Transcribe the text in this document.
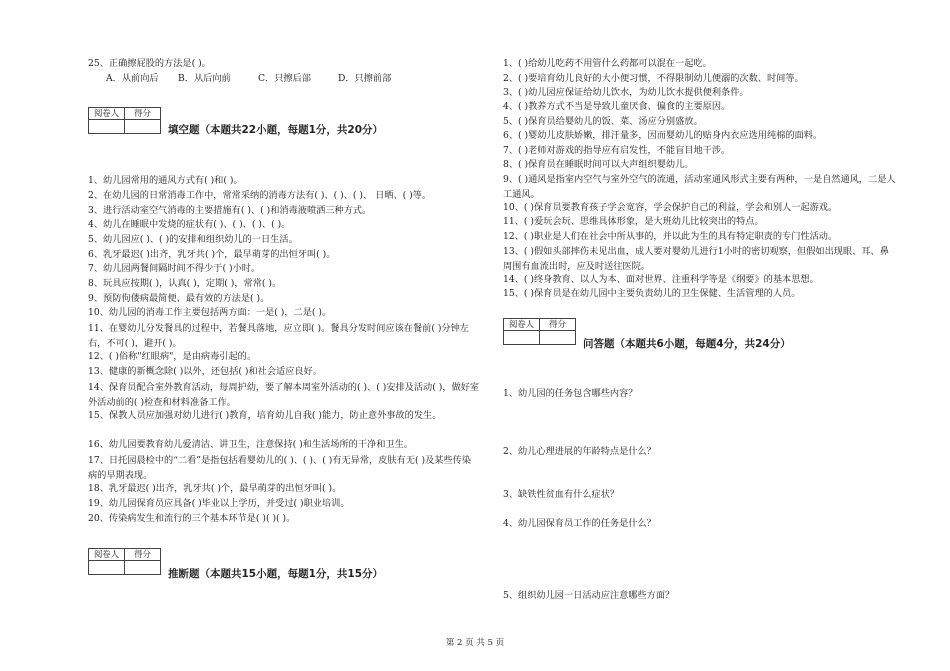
25、正确擦屁股的方法是( )。
A．从前向后 B．从后向前	C．只擦后部	D．只擦前部
阅卷人	得分

填空题（本题共22小题，每题1分，共20分）
1、幼儿园常用的通风方式有( )和( )。
2、在幼儿园的日常消毒工作中，常常采纳的消毒方法有( )、( )、( )、 日晒、( )等。
3、进行活动室空气消毒的主要措施有( )、( )和消毒液喷洒三种方式。
4、幼儿在睡眠中发烧的症状有( )、( )、( )、( )。
5、幼儿园应( )、( )的安排和组织幼儿的一日生活。
6、乳牙最迟( )出齐，乳牙共( )个，最早萌芽的出恒牙叫( )。
7、幼儿园两餐间隔时间不得少于( )小时。
8、玩具应按期( )，认真( )，定期( )，常常( )。
9、预防佝偻病最简便、最有效的方法是( )。
10、幼儿园的消毒工作主要包括两方面：一是( )，二是( )。
11、在婴幼儿分发餐具的过程中，若餐具落地，应立即( )。餐具分发时间应该在餐前( )分钟左右，不可( )，避开( )。
12、( )俗称"红眼病"，是由病毒引起的。
13、健康的新概念除( )以外，还包括( )和社会适应良好。
14、保育员配合室外教育活动，每周护幼，要了解本周室外活动的( )、( )安排及活动( )，做好室外活动前的( )检查和材料准备工作。
15、保教人员应加强对幼儿进行( )教育，培育幼儿自我( )能力，防止意外事故的发生。
16、幼儿园要教育幼儿爱清洁、讲卫生，注意保持( )和生活场所的干净和卫生。
17、日托园晨检中的“二看”是指包括看婴幼儿的( )、( )、( )有无异常，皮肤有无( )及某些传染病的早期表现。
18、乳牙最迟( )出齐，乳牙共( )个，最早萌芽的出恒牙叫( )。
19、幼儿园保育员应具备( )毕业以上学历，并受过( )职业培训。
20、传染病发生和流行的三个基本环节是( )( )( )。
阅卷人	得分

推断题（本题共15小题，每题1分，共15分）
1、( )给幼儿吃药不用管什么药都可以混在一起吃。
2、( )要培育幼儿良好的大小便习惯，不得限制幼儿便溺的次数、时间等。
3、( )幼儿园应保证给幼儿饮水，为幼儿饮水提供便利条件。
4、( )教养方式不当是导致儿童厌食、偏食的主要原因。
5、( )保育员给婴幼儿的饭、菜、汤应分别盛放。
6、( )婴幼儿皮肤娇嫩，排汗量多，因而婴幼儿的贴身内衣应选用纯棉的面料。
7、( )老师对游戏的指导应有启发性，不能盲目地干涉。
8、( )保育员在睡眠时间可以大声组织婴幼儿。
9、( )通风是指室内空气与室外空气的流通，活动室通风形式主要有两种，一是自然通风，二是人工通风。
10、( )保育员要教育孩子学会宽容，学会保护自己的利益，学会和别人一起游戏。
11、( )爱玩会玩、思维具体形象，是大班幼儿比较突出的特点。
12、( )职业是人们在社会中所从事的，并以此为生的具有特定职责的专门性活动。
13、( )假如头部摔伤未见出血，成人要对婴幼儿进行1小时的密切观察，但假如出现眼、耳、鼻周围有血流出时，应及时送往医院。
14、( )终身教育、以人为本、面对世界、注重科学等是《纲要》的基本思想。
15、( )保育员是在幼儿园中主要负责幼儿的卫生保健、生活管理的人员。
阅卷人	得分

问答题（本题共6小题，每题4分，共24分）
1、幼儿园的任务包含哪些内容？
2、幼儿心理进展的年龄特点是什么？
3、缺铁性贫血有什么症状？
4、幼儿园保育员工作的任务是什么？
5、组织幼儿园一日活动应注意哪些方面？
第 2 页 共 5 页
